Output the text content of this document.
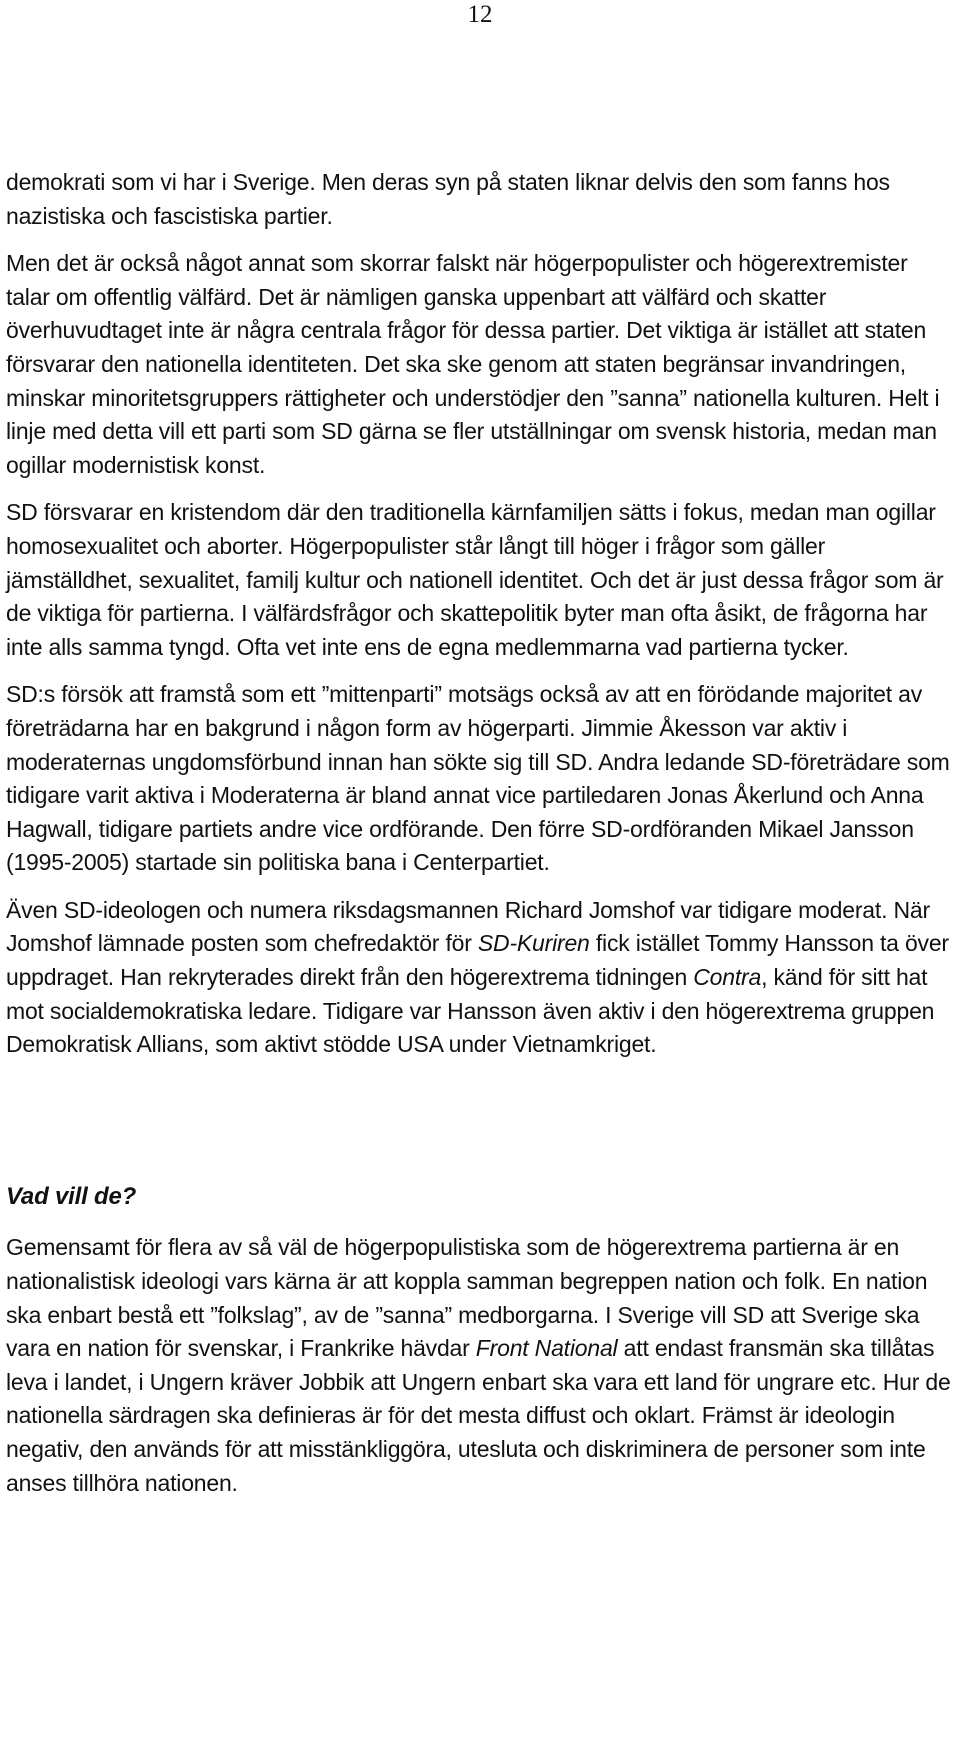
12

demokrati som vi har i Sverige. Men deras syn på staten liknar delvis den som fanns hos nazistiska och fascistiska partier.

Men det är också något annat som skorrar falskt när högerpopulister och högerextremister talar om offentlig välfärd. Det är nämligen ganska uppenbart att välfärd och skatter överhuvudtaget inte är några centrala frågor för dessa partier. Det viktiga är istället att staten försvarar den nationella identiteten. Det ska ske genom att staten begränsar invandringen, minskar minoritetsgruppers rättigheter och understödjer den ”sanna” nationella kulturen. Helt i linje med detta vill ett parti som SD gärna se fler utställningar om svensk historia, medan man ogillar modernistisk konst.

SD försvarar en kristendom där den traditionella kärnfamiljen sätts i fokus, medan man ogillar homosexualitet och aborter. Högerpopulister står långt till höger i frågor som gäller jämställdhet, sexualitet, familj kultur och nationell identitet. Och det är just dessa frågor som är de viktiga för partierna. I välfärdsfrågor och skattepolitik byter man ofta åsikt, de frågorna har inte alls samma tyngd. Ofta vet inte ens de egna medlemmarna vad partierna tycker.

SD:s försök att framstå som ett ”mittenparti” motsägs också av att en förödande majoritet av företrädarna har en bakgrund i någon form av högerparti. Jimmie Åkesson var aktiv i moderaternas ungdomsförbund innan han sökte sig till SD. Andra ledande SD-företrädare som tidigare varit aktiva i Moderaterna är bland annat vice partiledaren Jonas Åkerlund och Anna Hagwall, tidigare partiets andre vice ordförande. Den förre SD-ordföranden Mikael Jansson (1995-2005) startade sin politiska bana i Centerpartiet.

Även SD-ideologen och numera riksdagsmannen Richard Jomshof var tidigare moderat. När Jomshof lämnade posten som chefredaktör för SD-Kuriren fick istället Tommy Hansson ta över uppdraget. Han rekryterades direkt från den högerextrema tidningen Contra, känd för sitt hat mot socialdemokratiska ledare. Tidigare var Hansson även aktiv i den högerextrema gruppen Demokratisk Allians, som aktivt stödde USA under Vietnamkriget.

Vad vill de?

Gemensamt för flera av så väl de högerpopulistiska som de högerextrema partierna är en nationalistisk ideologi vars kärna är att koppla samman begreppen nation och folk. En nation ska enbart bestå ett ”folkslag”, av de ”sanna” medborgarna. I Sverige vill SD att Sverige ska vara en nation för svenskar, i Frankrike hävdar Front National att endast fransmän ska tillåtas leva i landet, i Ungern kräver Jobbik att Ungern enbart ska vara ett land för ungrare etc. Hur de nationella särdragen ska definieras är för det mesta diffust och oklart. Främst är ideologin negativ, den används för att misstänkliggöra, utesluta och diskriminera de personer som inte anses tillhöra nationen.
